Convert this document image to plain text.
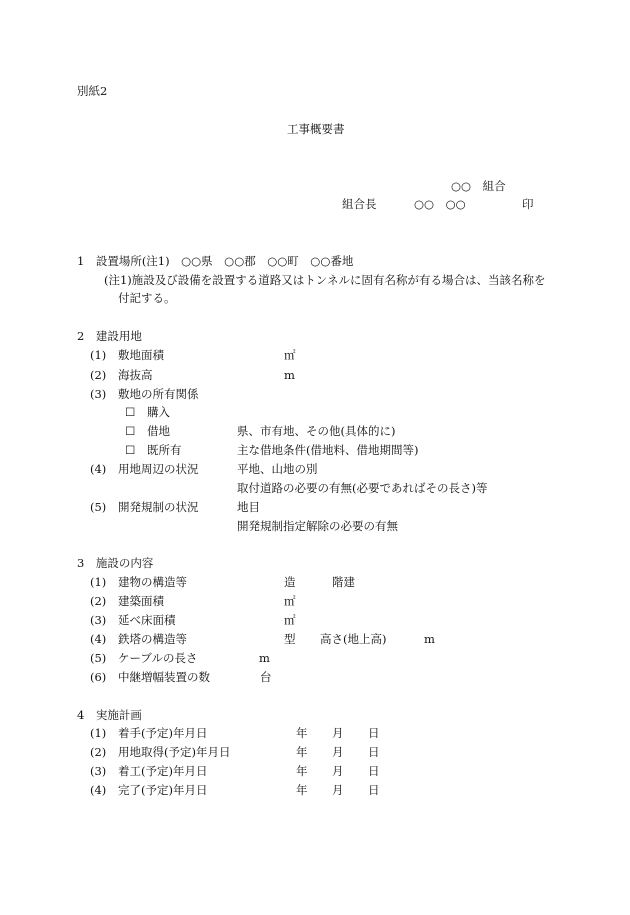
別紙2
工事概要書
○○　組合
組合長	○○　○○	印
1　設置場所(注1)　○○県　○○郡　○○町　○○番地
(注1)施設及び設備を設置する道路又はトンネルに固有名称が有る場合は、当該名称を
付記する。
2　建設用地
(1) 敷地面積	㎡
(2) 海抜高	m
(3) 敷地の所有関係
☐ 購入
☐ 借地	県、市有地、その他(具体的に)
☐ 既所有	主な借地条件(借地料、借地期間等)
(4) 用地周辺の状況	平地、山地の別
取付道路の必要の有無(必要であればその長さ)等
(5) 開発規制の状況	地目
開発規制指定解除の必要の有無
3　施設の内容
(1) 建物の構造等	造	階建
(2) 建築面積	㎡
(3) 延べ床面積	㎡
(4) 鉄塔の構造等	型 高さ(地上高)	m
(5) ケーブルの長さ	m
(6) 中継増幅装置の数	台
4　実施計画
(1) 着手(予定)年月日	年 月 日
(2) 用地取得(予定)年月日	年 月 日
(3) 着工(予定)年月日	年 月 日
(4) 完了(予定)年月日	年 月 日
